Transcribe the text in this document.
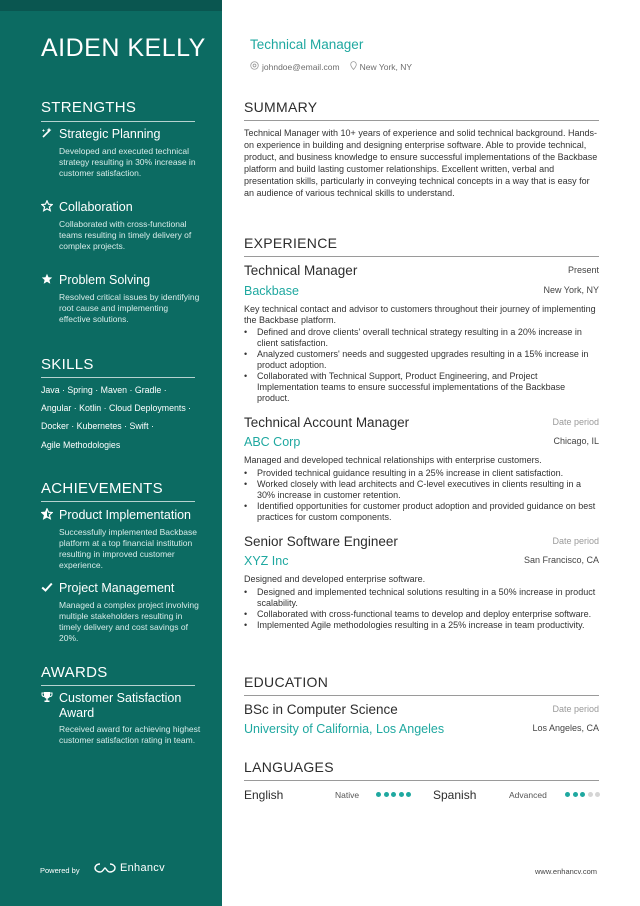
AIDEN KELLY
STRENGTHS
Strategic Planning
Developed and executed technical strategy resulting in 30% increase in customer satisfaction.
Collaboration
Collaborated with cross-functional teams resulting in timely delivery of complex projects.
Problem Solving
Resolved critical issues by identifying root cause and implementing effective solutions.
SKILLS
Java · Spring · Maven · Gradle ·
Angular · Kotlin · Cloud Deployments ·
Docker · Kubernetes · Swift ·
Agile Methodologies
ACHIEVEMENTS
Product Implementation
Successfully implemented Backbase platform at a top financial institution resulting in improved customer experience.
Project Management
Managed a complex project involving multiple stakeholders resulting in timely delivery and cost savings of 20%.
AWARDS
Customer Satisfaction Award
Received award for achieving highest customer satisfaction rating in team.
Powered by	Enhancv
Technical Manager
johndoe@email.com New York, NY
SUMMARY
Technical Manager with 10+ years of experience and solid technical background. Hands-on experience in building and designing enterprise software. Able to provide technical, product, and business knowledge to ensure successful implementations of the Backbase platform and build lasting customer relationships. Excellent written, verbal and presentation skills, particularly in conveying technical concepts in a way that is easy for an audience of various technical skills to understand.
EXPERIENCE
Technical Manager	Present
Backbase	New York, NY
Key technical contact and advisor to customers throughout their journey of implementing the Backbase platform.
• Defined and drove clients' overall technical strategy resulting in a 20% increase in client satisfaction.
• Analyzed customers' needs and suggested upgrades resulting in a 15% increase in product adoption.
• Collaborated with Technical Support, Product Engineering, and Project Implementation teams to ensure successful implementations of the Backbase product.
Technical Account Manager	Date period
ABC Corp	Chicago, IL
Managed and developed technical relationships with enterprise customers.
• Provided technical guidance resulting in a 25% increase in client satisfaction.
• Worked closely with lead architects and C-level executives in clients resulting in a 30% increase in customer retention.
• Identified opportunities for customer product adoption and provided guidance on best practices for custom components.
Senior Software Engineer	Date period
XYZ Inc	San Francisco, CA
Designed and developed enterprise software.
• Designed and implemented technical solutions resulting in a 50% increase in product scalability.
• Collaborated with cross-functional teams to develop and deploy enterprise software.
• Implemented Agile methodologies resulting in a 25% increase in team productivity.
EDUCATION
BSc in Computer Science	Date period
University of California, Los Angeles	Los Angeles, CA
LANGUAGES
English	Native	Spanish	Advanced
www.enhancv.com
